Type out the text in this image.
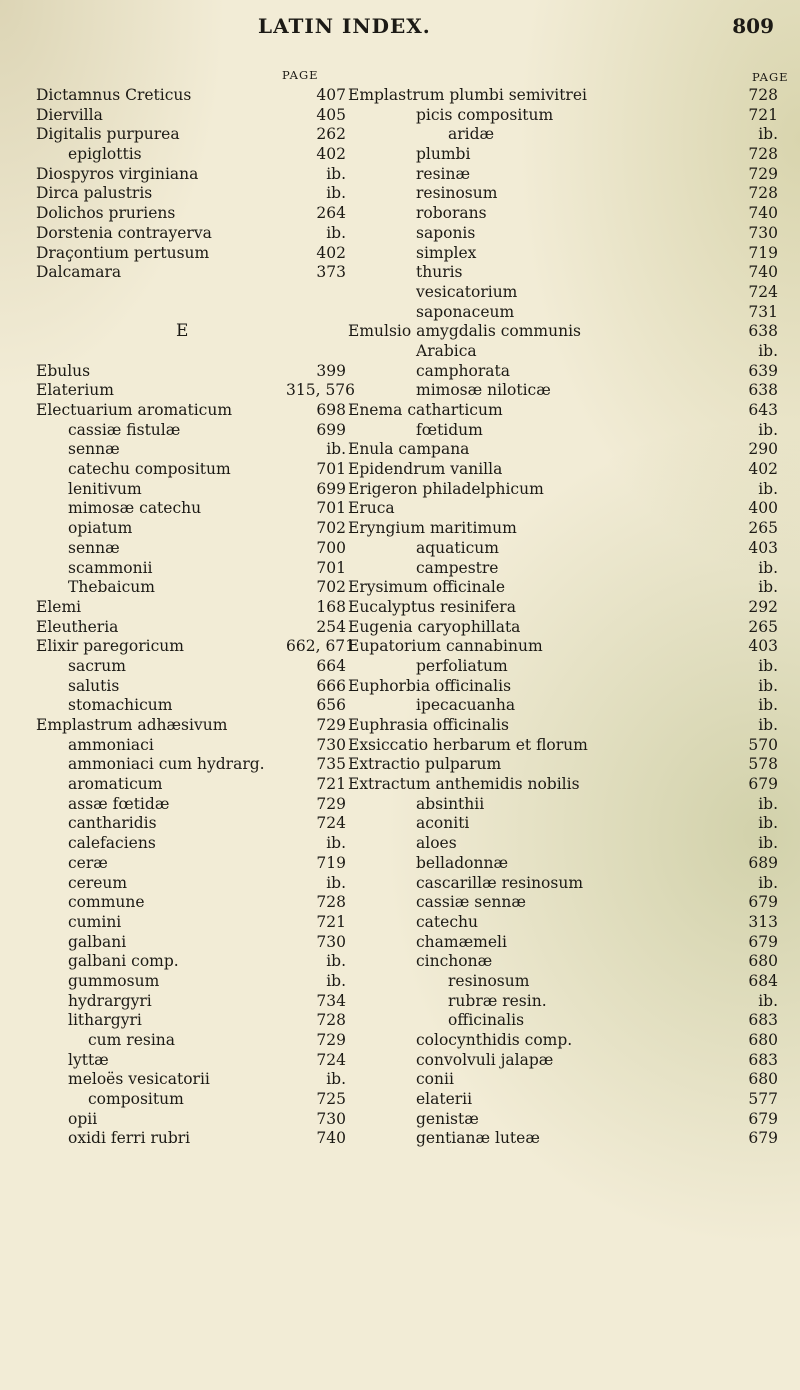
LATIN INDEX.	809
PAGE	PAGE
Dictamnus Creticus	407
Diervilla	405
Digitalis purpurea	262
epiglottis	402
Diospyros virginiana	ib.
Dirca palustris	ib.
Dolichos pruriens	264
Dorstenia contrayerva	ib.
Draçontium pertusum	402
Dalcamara	373
E
Ebulus	399
Elaterium	315, 576
Electuarium aromaticum	698
cassiæ fistulæ	699
sennæ	ib.
catechu compositum	701
lenitivum	699
mimosæ catechu	701
opiatum	702
sennæ	700
scammonii	701
Thebaicum	702
Elemi	168
Eleutheria	254
Elixir paregoricum	662, 671
sacrum	664
salutis	666
stomachicum	656
Emplastrum adhæsivum	729
ammoniaci	730
ammoniaci cum hydrarg.	735
aromaticum	721
assæ fœtidæ	729
cantharidis	724
calefaciens	ib.
ceræ	719
cereum	ib.
commune	728
cumini	721
galbani	730
galbani comp.	ib.
gummosum	ib.
hydrargyri	734
lithargyri	728
cum resina	729
lyttæ	724
meloës vesicatorii	ib.
compositum	725
opii	730
oxidi ferri rubri	740
Emplastrum plumbi semivitrei	728
picis compositum	721
aridæ	ib.
plumbi	728
resinæ	729
resinosum	728
roborans	740
saponis	730
simplex	719
thuris	740
vesicatorium	724
saponaceum	731
Emulsio amygdalis communis	638
Arabica	ib.
camphorata	639
mimosæ niloticæ	638
Enema catharticum	643
fœtidum	ib.
Enula campana	290
Epidendrum vanilla	402
Erigeron philadelphicum	ib.
Eruca	400
Eryngium maritimum	265
aquaticum	403
campestre	ib.
Erysimum officinale	ib.
Eucalyptus resinifera	292
Eugenia caryophillata	265
Eupatorium cannabinum	403
perfoliatum	ib.
Euphorbia officinalis	ib.
ipecacuanha	ib.
Euphrasia officinalis	ib.
Exsiccatio herbarum et florum	570
Extractio pulparum	578
Extractum anthemidis nobilis	679
absinthii	ib.
aconiti	ib.
aloes	ib.
belladonnæ	689
cascarillæ resinosum	ib.
cassiæ sennæ	679
catechu	313
chamæmeli	679
cinchonæ	680
resinosum	684
rubræ resin.	ib.
officinalis	683
colocynthidis comp.	680
convolvuli jalapæ	683
conii	680
elaterii	577
genistæ	679
gentianæ luteæ	679
